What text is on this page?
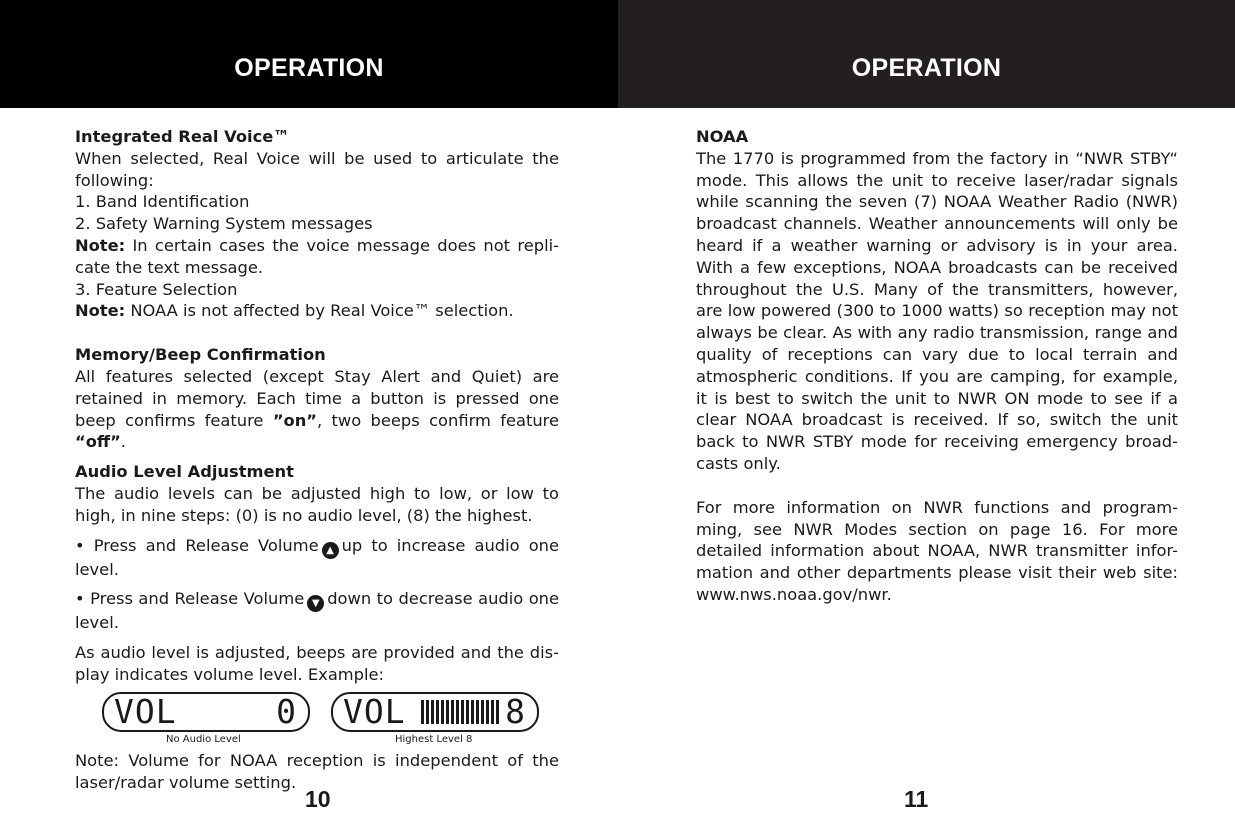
OPERATION	OPERATION
Integrated Real Voice™
When selected, Real Voice will be used to articulate the following:
1. Band Identification
2. Safety Warning System messages
Note: In certain cases the voice message does not repli-cate the text message.
3. Feature Selection
Note: NOAA is not affected by Real Voice™ selection.
Memory/Beep Confirmation
All features selected (except Stay Alert and Quiet) are retained in memory. Each time a button is pressed one beep confirms feature ”on”, two beeps confirm feature “off”.
Audio Level Adjustment
The audio levels can be adjusted high to low, or low to high, in nine steps: (0) is no audio level, (8) the highest.
• Press and Release Volume ▲ up to increase audio one level.
• Press and Release Volume ▼ down to decrease audio one level.
As audio level is adjusted, beeps are provided and the dis-play indicates volume level. Example:
VOL	0 VOL	8
No Audio Level	Highest Level 8
Note: Volume for NOAA reception is independent of the laser/radar volume setting.
NOAA
The 1770 is programmed from the factory in “NWR STBY“ mode. This allows the unit to receive laser/radar signals while scanning the seven (7) NOAA Weather Radio (NWR) broadcast channels. Weather announcements will only be heard if a weather warning or advisory is in your area. With a few exceptions, NOAA broadcasts can be received throughout the U.S. Many of the transmitters, however, are low powered (300 to 1000 watts) so reception may not always be clear. As with any radio transmission, range and quality of receptions can vary due to local terrain and atmospheric conditions. If you are camping, for example, it is best to switch the unit to NWR ON mode to see if a clear NOAA broadcast is received. If so, switch the unit back to NWR STBY mode for receiving emergency broad-casts only.
For more information on NWR functions and program-ming, see NWR Modes section on page 16. For more detailed information about NOAA, NWR transmitter infor-mation and other departments please visit their web site: www.nws.noaa.gov/nwr.
10	11
